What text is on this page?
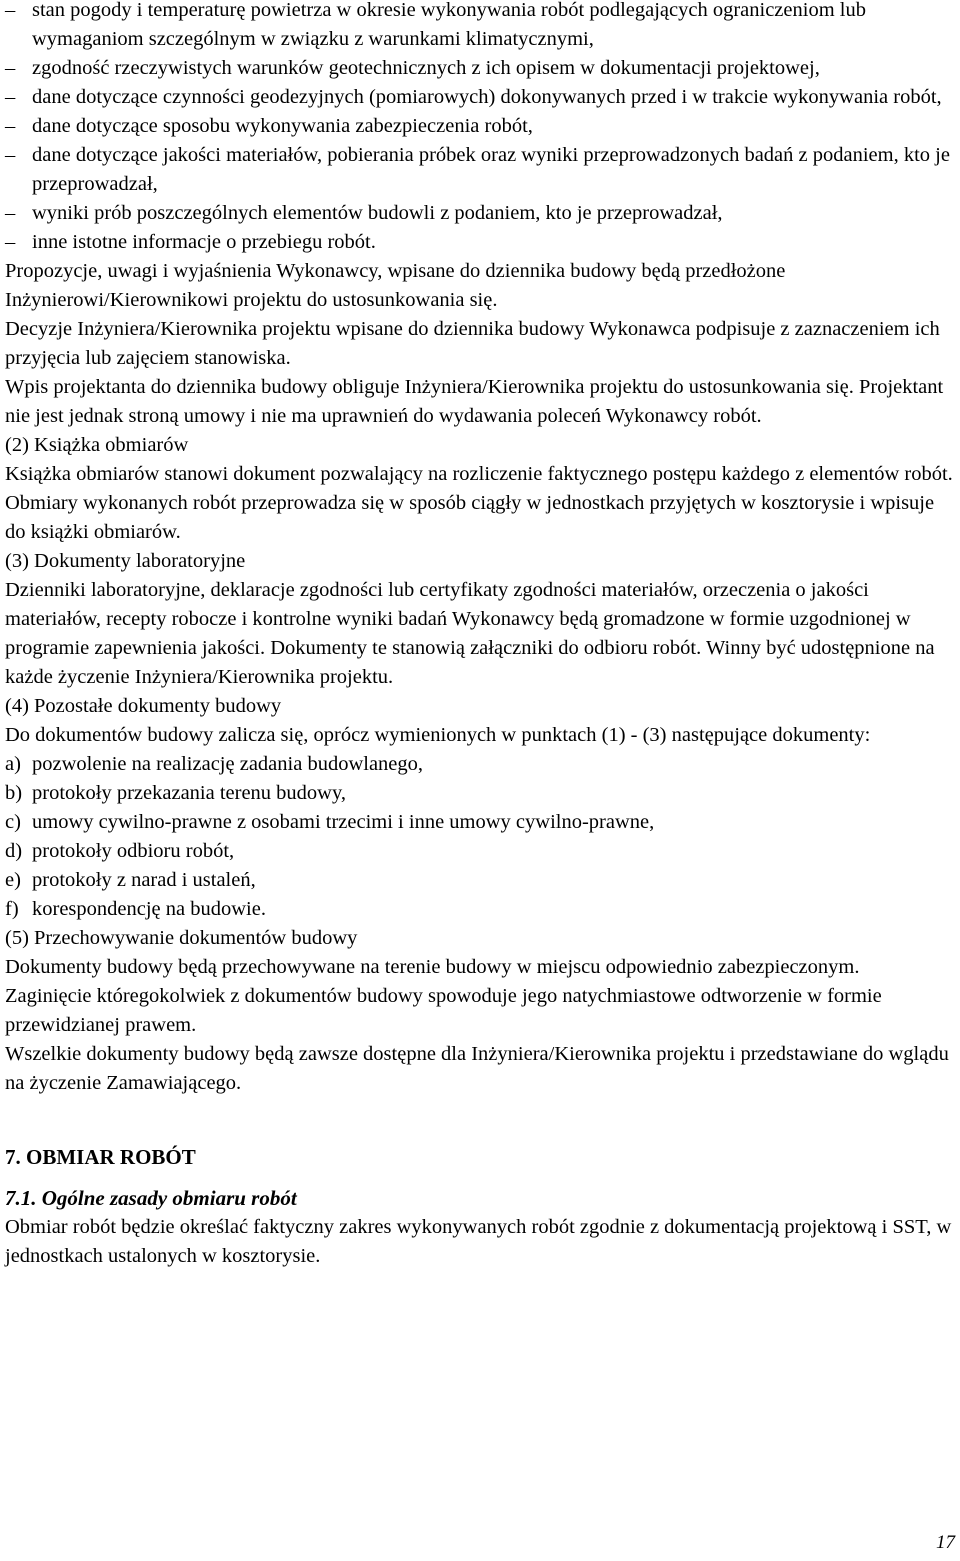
– stan pogody i temperaturę powietrza w okresie wykonywania robót podlegających ograniczeniom lub wymaganiom szczególnym w związku z warunkami klimatycznymi,
– zgodność rzeczywistych warunków geotechnicznych z ich opisem w dokumentacji projektowej,
– dane dotyczące czynności geodezyjnych (pomiarowych) dokonywanych przed i w trakcie wykonywania robót,
– dane dotyczące sposobu wykonywania zabezpieczenia robót,
– dane dotyczące jakości materiałów, pobierania próbek oraz wyniki przeprowadzonych badań z podaniem, kto je przeprowadzał,
– wyniki prób poszczególnych elementów budowli z podaniem, kto je przeprowadzał,
– inne istotne informacje o przebiegu robót.

Propozycje, uwagi i wyjaśnienia Wykonawcy, wpisane do dziennika budowy będą przedłożone Inżynierowi/Kierownikowi projektu do ustosunkowania się.

Decyzje Inżyniera/Kierownika projektu wpisane do dziennika budowy Wykonawca podpisuje z zaznaczeniem ich przyjęcia lub zajęciem stanowiska.

Wpis projektanta do dziennika budowy obliguje Inżyniera/Kierownika projektu do ustosunkowania się. Projektant nie jest jednak stroną umowy i nie ma uprawnień do wydawania poleceń Wykonawcy robót.

(2) Książka obmiarów

Książka obmiarów stanowi dokument pozwalający na rozliczenie faktycznego postępu każdego z elementów robót. Obmiary wykonanych robót przeprowadza się w sposób ciągły w jednostkach przyjętych w kosztorysie i wpisuje do książki obmiarów.

(3) Dokumenty laboratoryjne

Dzienniki laboratoryjne, deklaracje zgodności lub certyfikaty zgodności materiałów, orzeczenia o jakości materiałów, recepty robocze i kontrolne wyniki badań Wykonawcy będą gromadzone w formie uzgodnionej w programie zapewnienia jakości. Dokumenty te stanowią załączniki do odbioru robót. Winny być udostępnione na każde życzenie Inżyniera/Kierownika projektu.

(4) Pozostałe dokumenty budowy

Do dokumentów budowy zalicza się, oprócz wymienionych w punktach (1) - (3) następujące dokumenty:

a) pozwolenie na realizację zadania budowlanego,
b) protokoły przekazania terenu budowy,
c) umowy cywilno-prawne z osobami trzecimi i inne umowy cywilno-prawne,
d) protokoły odbioru robót,
e) protokoły z narad i ustaleń,
f) korespondencję na budowie.

(5) Przechowywanie dokumentów budowy

Dokumenty budowy będą przechowywane na terenie budowy w miejscu odpowiednio zabezpieczonym.

Zaginięcie któregokolwiek z dokumentów budowy spowoduje jego natychmiastowe odtworzenie w formie przewidzianej prawem.

Wszelkie dokumenty budowy będą zawsze dostępne dla Inżyniera/Kierownika projektu i przedstawiane do wglądu na życzenie Zamawiającego.

7. OBMIAR ROBÓT

7.1. Ogólne zasady obmiaru robót

Obmiar robót będzie określać faktyczny zakres wykonywanych robót zgodnie z dokumentacją projektową i SST, w jednostkach ustalonych w kosztorysie.

17
